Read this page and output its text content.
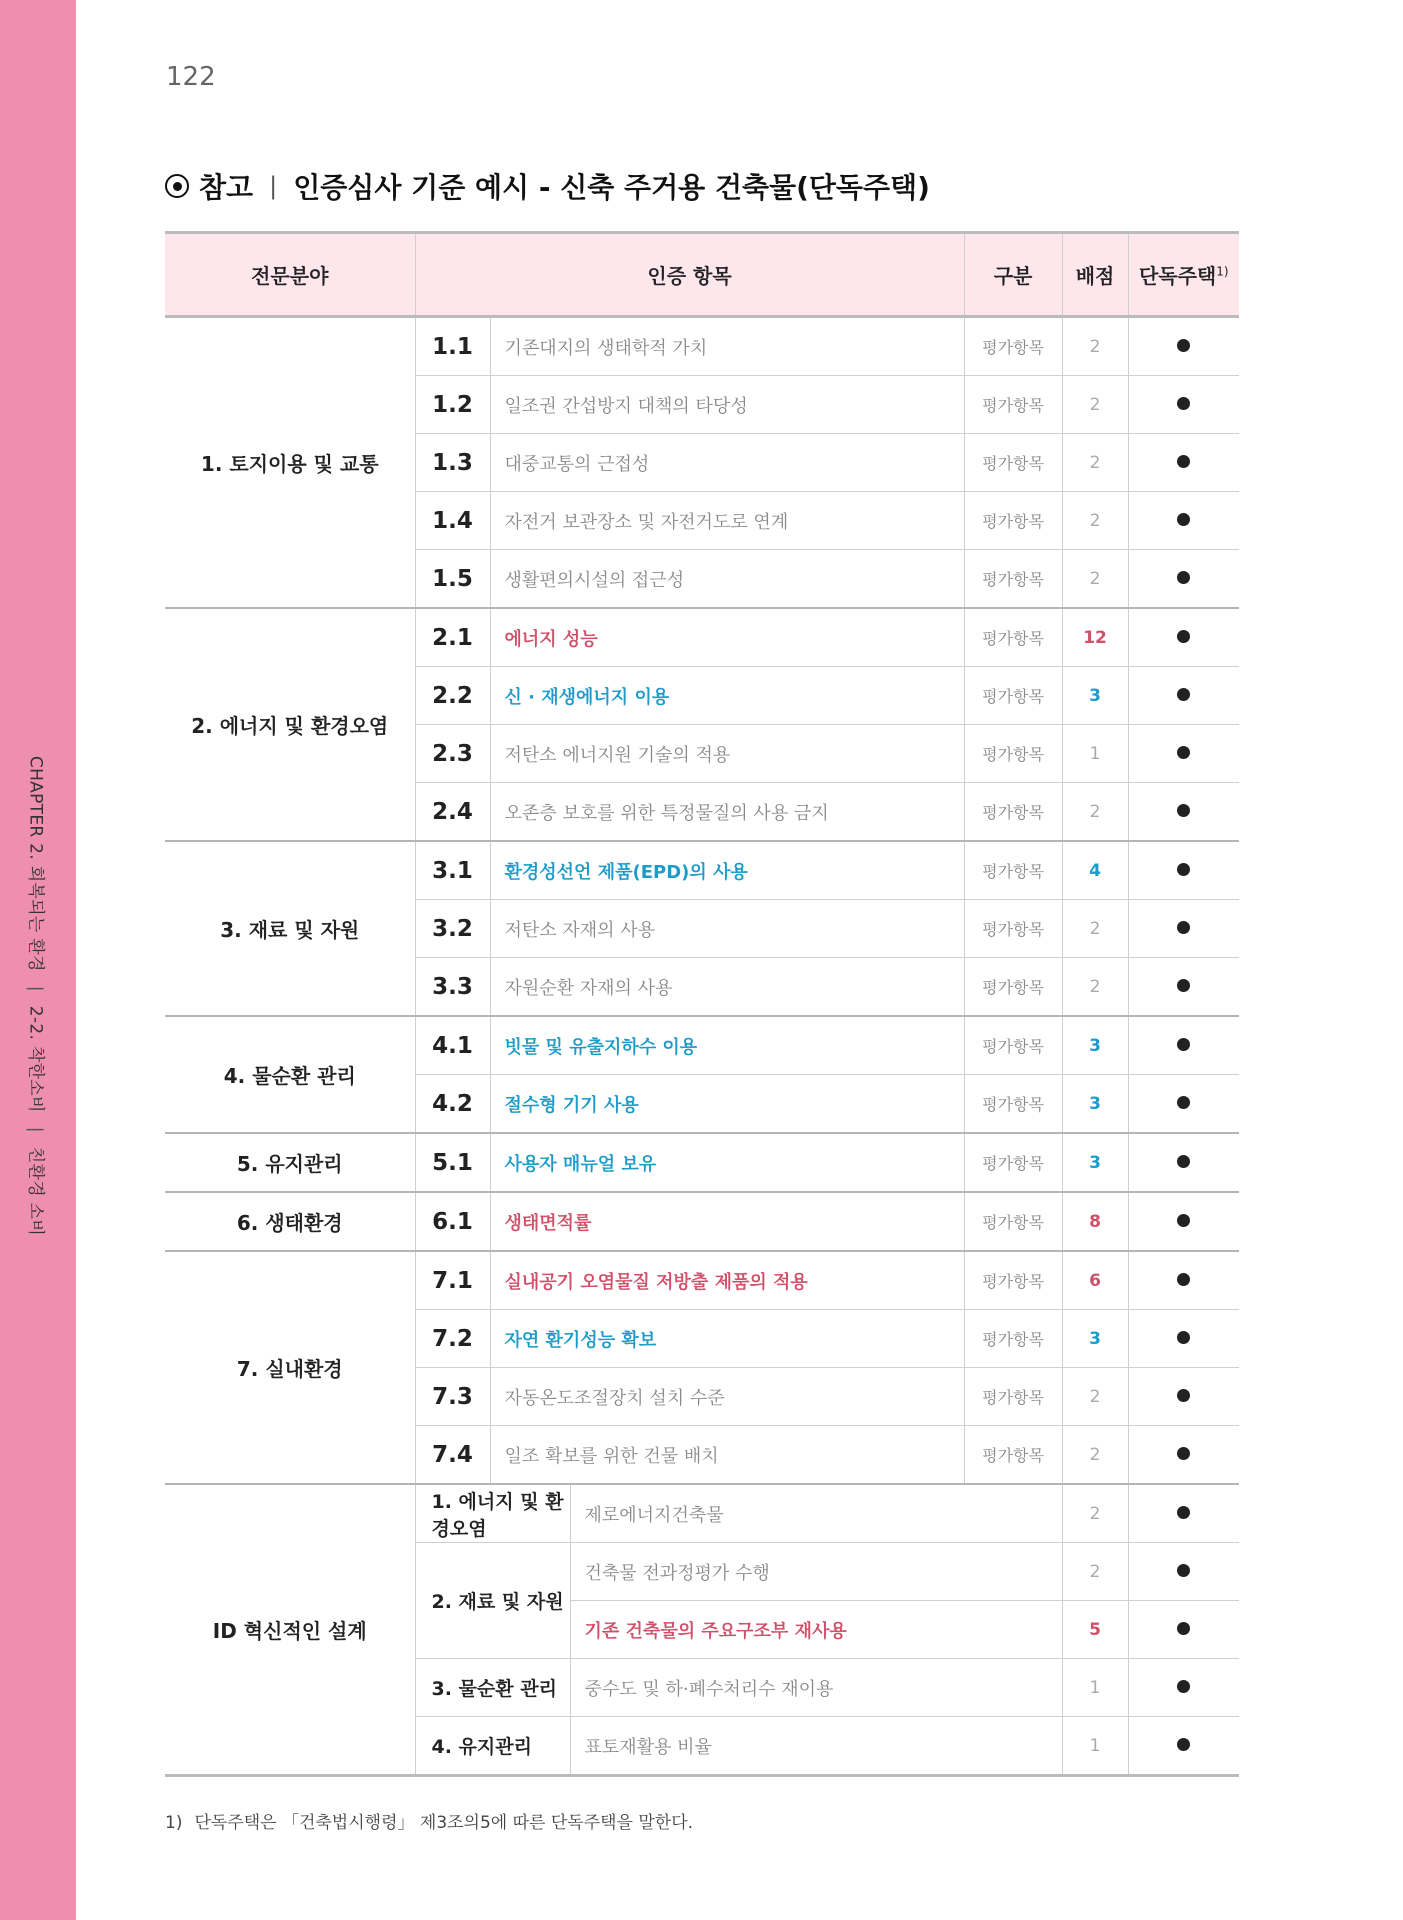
CHAPTER 2. 회복되는 환경|2-2. 착한소비|친환경 소비
122
참고 | 인증심사 기준 예시 - 신축 주거용 건축물(단독주택)
전문분야	인증 항목			구분	배점	단독주택$^{1)}$
1. 토지이용 및 교통	1.1	기존대지의 생태학적 가치		평가항목	2	
	1.2	일조권 간섭방지 대책의 타당성		평가항목	2	
	1.3	대중교통의 근접성		평가항목	2	
	1.4	자전거 보관장소 및 자전거도로 연계		평가항목	2	
	1.5	생활편의시설의 접근성		평가항목	2	
2. 에너지 및 환경오염	2.1	에너지 성능		평가항목	12	
	2.2	신 · 재생에너지 이용		평가항목	3	
	2.3	저탄소 에너지원 기술의 적용		평가항목	1	
	2.4	오존층 보호를 위한 특정물질의 사용 금지		평가항목	2	
3. 재료 및 자원	3.1	환경성선언 제품(EPD)의 사용		평가항목	4	
	3.2	저탄소 자재의 사용		평가항목	2	
	3.3	자원순환 자재의 사용		평가항목	2	
4. 물순환 관리	4.1	빗물 및 유출지하수 이용		평가항목	3	
	4.2	절수형 기기 사용		평가항목	3	
5. 유지관리	5.1	사용자 매뉴얼 보유		평가항목	3	
6. 생태환경	6.1	생태면적률		평가항목	8	
7. 실내환경	7.1	실내공기 오염물질 저방출 제품의 적용		평가항목	6	
	7.2	자연 환기성능 확보		평가항목	3	
	7.3	자동온도조절장치 설치 수준		평가항목	2	
	7.4	일조 확보를 위한 건물 배치		평가항목	2	
ID 혁신적인 설계	1. 에너지 및 환경오염		제로에너지건축물		2	
	2. 재료 및 자원		건축물 전과정평가 수행		2	
			기존 건축물의 주요구조부 재사용		5	
	3. 물순환 관리		중수도 및 하·폐수처리수 재이용		1	
	4. 유지관리		표토재활용 비율		1	
1) 단독주택은 「건축법시행령」 제3조의5에 따른 단독주택을 말한다.
